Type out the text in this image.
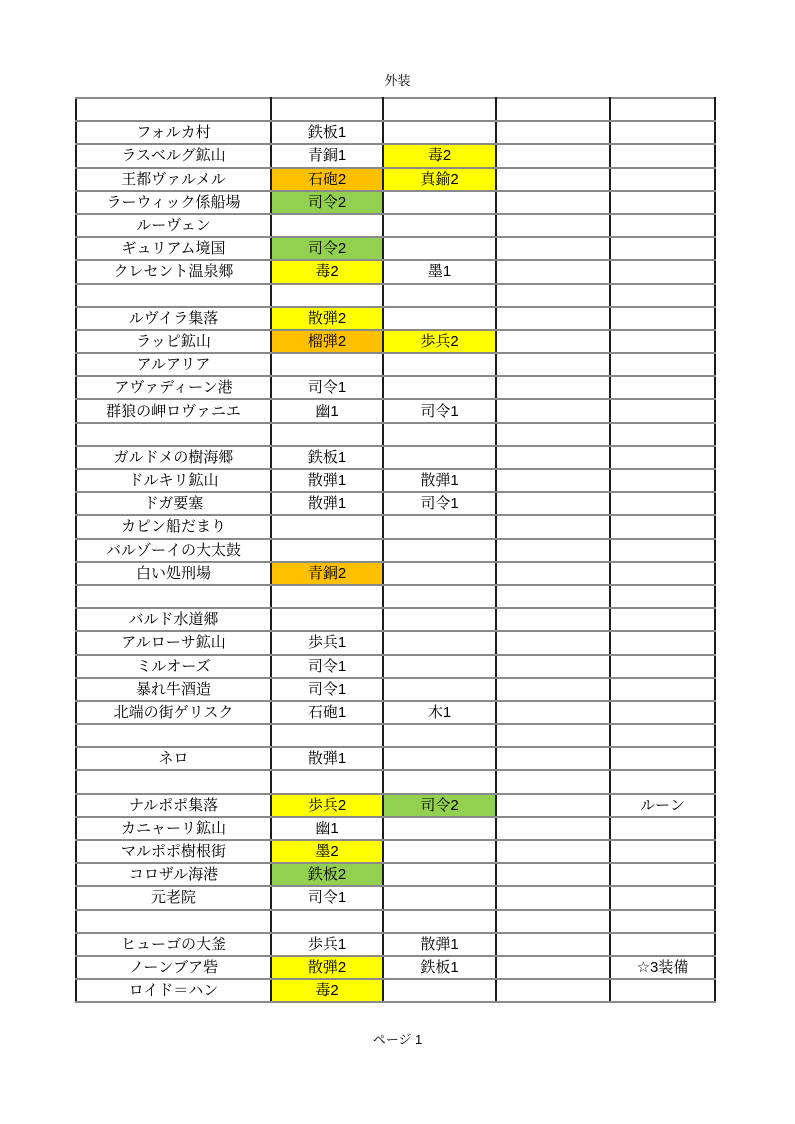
外装

フォルカ村	鉄板1			
ラスベルグ鉱山	青銅1	毒2		
王都ヴァルメル	石砲2	真鍮2		
ラーウィック係船場	司令2			
ルーヴェン				
ギュリアム境国	司令2			
クレセント温泉郷	毒2	墨1		

ルヴイラ集落	散弾2			
ラッピ鉱山	榴弾2	歩兵2		
アルアリア				
アヴァディーン港	司令1			
群狼の岬ロヴァニエ	幽1	司令1		

ガルドメの樹海郷	鉄板1			
ドルキリ鉱山	散弾1	散弾1		
ドガ要塞	散弾1	司令1		
カピン船だまり				
バルゾーイの大太鼓				
白い処刑場	青銅2			

バルド水道郷				
アルローサ鉱山	歩兵1			
ミルオーズ	司令1			
暴れ牛酒造	司令1			
北端の街ゲリスク	石砲1	木1		

ネロ	散弾1			

ナルポポ集落	歩兵2	司令2		ルーン
カニャーリ鉱山	幽1			
マルポポ樹根街	墨2			
コロザル海港	鉄板2			
元老院	司令1			

ヒューゴの大釜	歩兵1	散弾1		
ノーンブア砦	散弾2	鉄板1		☆3装備
ロイド＝ハン	毒2			
ページ 1
